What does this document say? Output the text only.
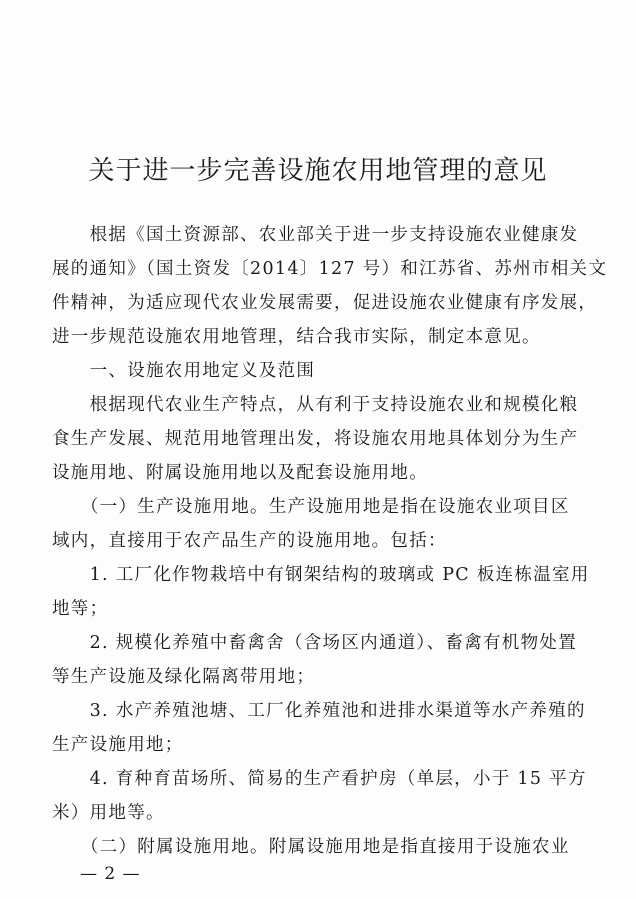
关于进一步完善设施农用地管理的意见
　　根据《国土资源部、农业部关于进一步支持设施农业健康发
展的通知》（国土资发〔2014〕127 号）和江苏省、苏州市相关文
件精神，为适应现代农业发展需要，促进设施农业健康有序发展，
进一步规范设施农用地管理，结合我市实际，制定本意见。
　　一、设施农用地定义及范围
　　根据现代农业生产特点，从有利于支持设施农业和规模化粮
食生产发展、规范用地管理出发，将设施农用地具体划分为生产
设施用地、附属设施用地以及配套设施用地。
　　（一）生产设施用地。生产设施用地是指在设施农业项目区
域内，直接用于农产品生产的设施用地。包括：
　　1. 工厂化作物栽培中有钢架结构的玻璃或 PC 板连栋温室用
地等；
　　2. 规模化养殖中畜禽舍（含场区内通道）、畜禽有机物处置
等生产设施及绿化隔离带用地；
　　3. 水产养殖池塘、工厂化养殖池和进排水渠道等水产养殖的
生产设施用地；
　　4. 育种育苗场所、简易的生产看护房（单层，小于 15 平方
米）用地等。
　　（二）附属设施用地。附属设施用地是指直接用于设施农业
— 2 —
